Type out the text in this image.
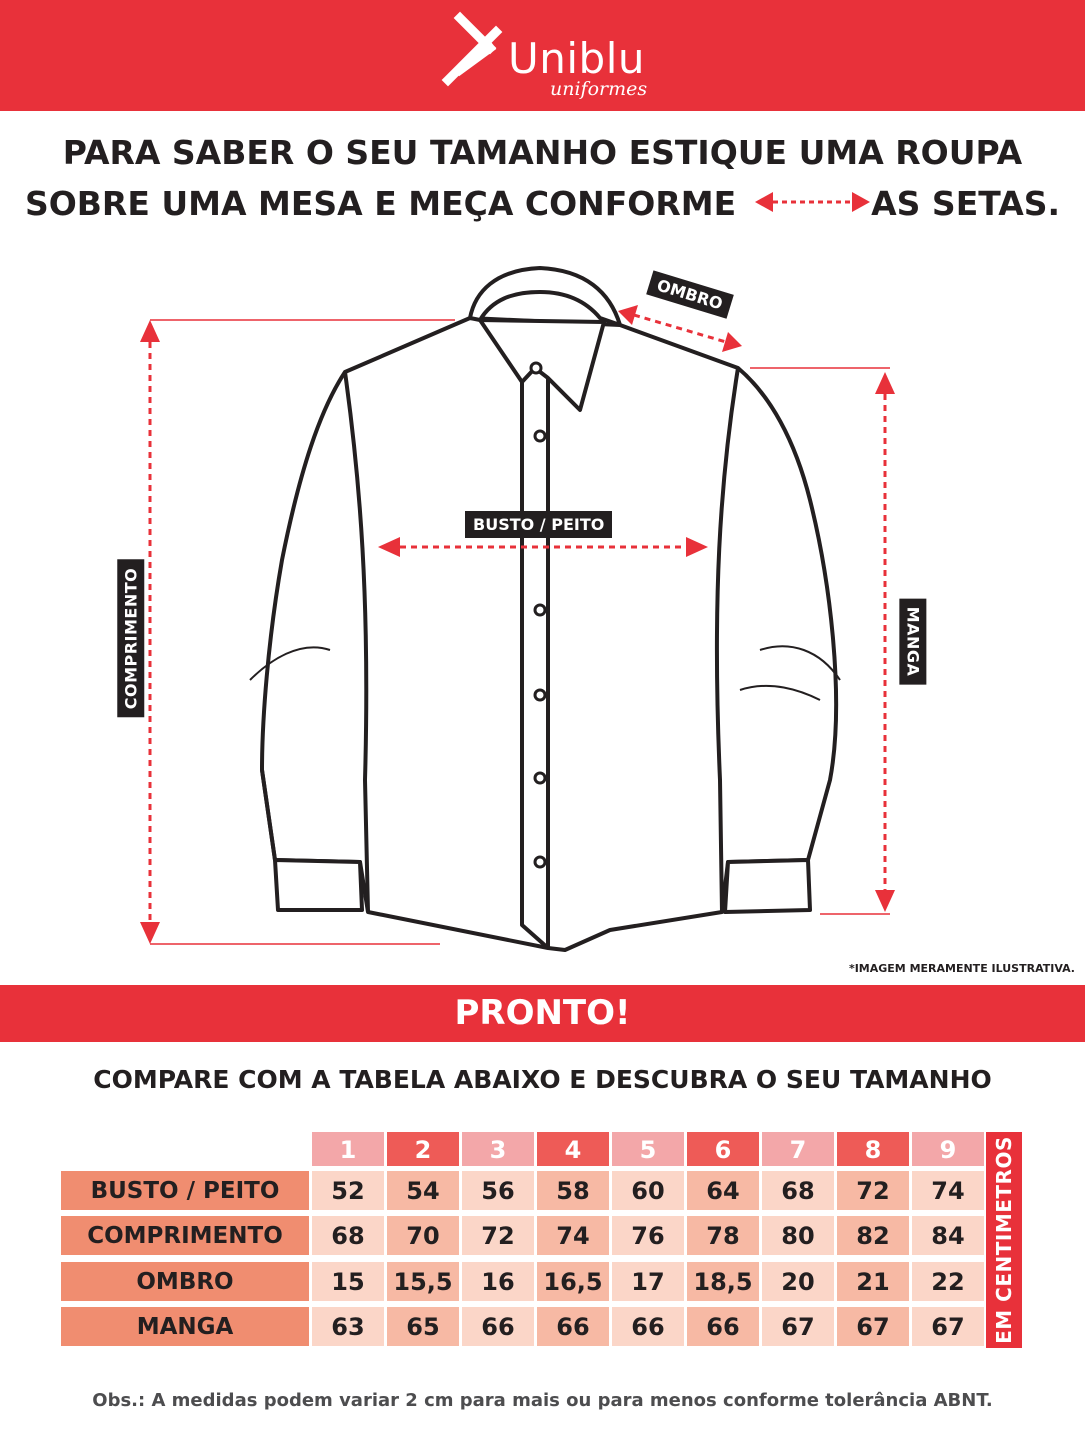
Uniblu
uniformes
PARA SABER O SEU TAMANHO ESTIQUE UMA ROUPA
SOBRE UMA MESA E MEÇA CONFORME	AS SETAS.
OMBRO
BUSTO / PEITO
COMPRIMENTO	MANGA
*IMAGEM MERAMENTE ILUSTRATIVA.
PRONTO!
COMPARE COM A TABELA ABAIXO E DESCUBRA O SEU TAMANHO
1	2	3	4	5	6	7	8	9
BUSTO / PEITO	52	54	56	58	60	64	68	72	74
COMPRIMENTO	68	70	72	74	76	78	80	82	84
OMBRO	15	15,5	16	16,5	17	18,5	20	21	22
MANGA	63	65	66	66	66	66	67	67	67	EM CENTIMETROS
Obs.: A medidas podem variar 2 cm para mais ou para menos conforme tolerância ABNT.
